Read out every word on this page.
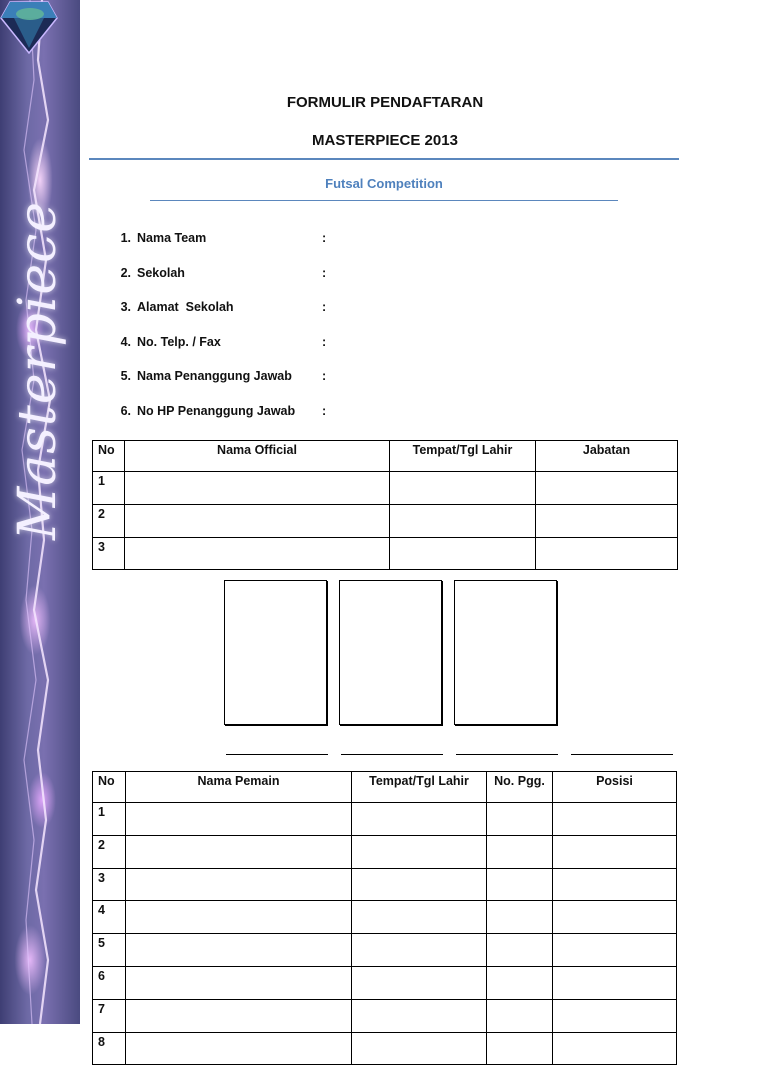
Masterpiece
FORMULIR PENDAFTARAN
MASTERPIECE 2013
Futsal Competition
1. Nama Team	:
2. Sekolah	:
3. Alamat  Sekolah	:
4. No. Telp. / Fax	:
5. Nama Penanggung Jawab :
6. No HP Penanggung Jawab :
No	Nama Official	Tempat/Tgl Lahir	Jabatan
1			
2			
3			
No	Nama Pemain	Tempat/Tgl Lahir	No. Pgg.	Posisi
1				
2				
3				
4				
5				
6				
7				
8				
